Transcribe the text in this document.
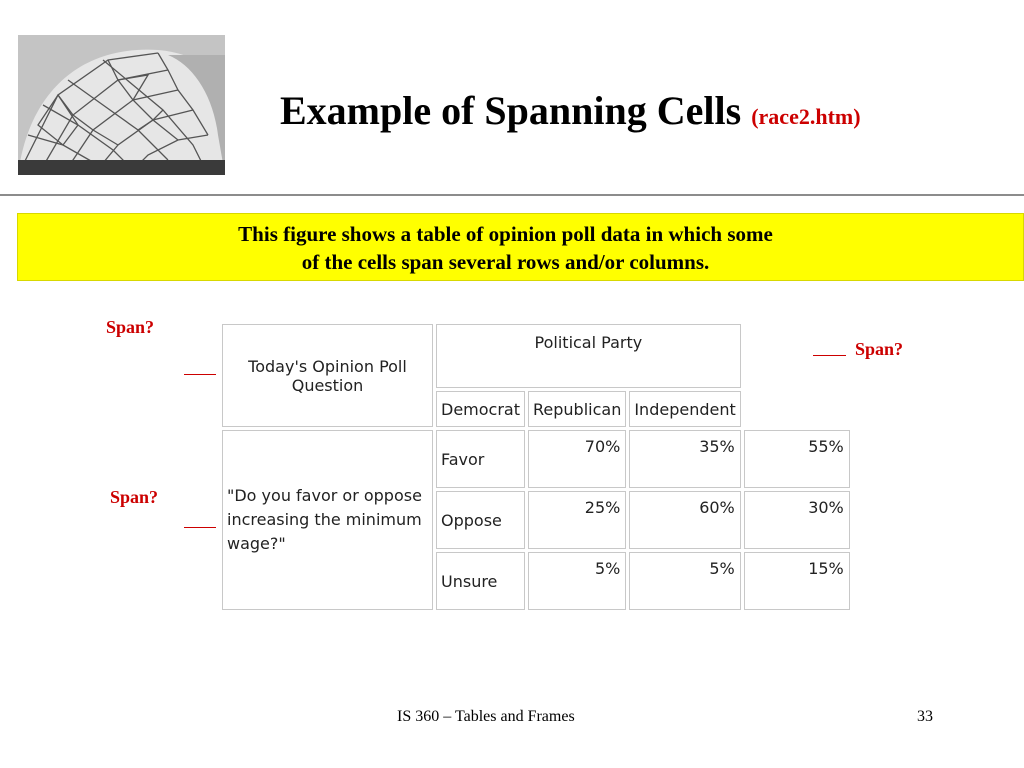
Example of Spanning Cells (race2.htm)
This figure shows a table of opinion poll data in which some
of the cells span several rows and/or columns.
Span?
Span?
Span?
Today's Opinion Poll Question	Political Party			
	Democrat	Republican	Independent	
"Do you favor or oppose increasing the minimum wage?"	Favor	70%	35%	55%
	Oppose	25%	60%	30%
	Unsure	5%	5%	15%
IS 360 – Tables and Frames	33
